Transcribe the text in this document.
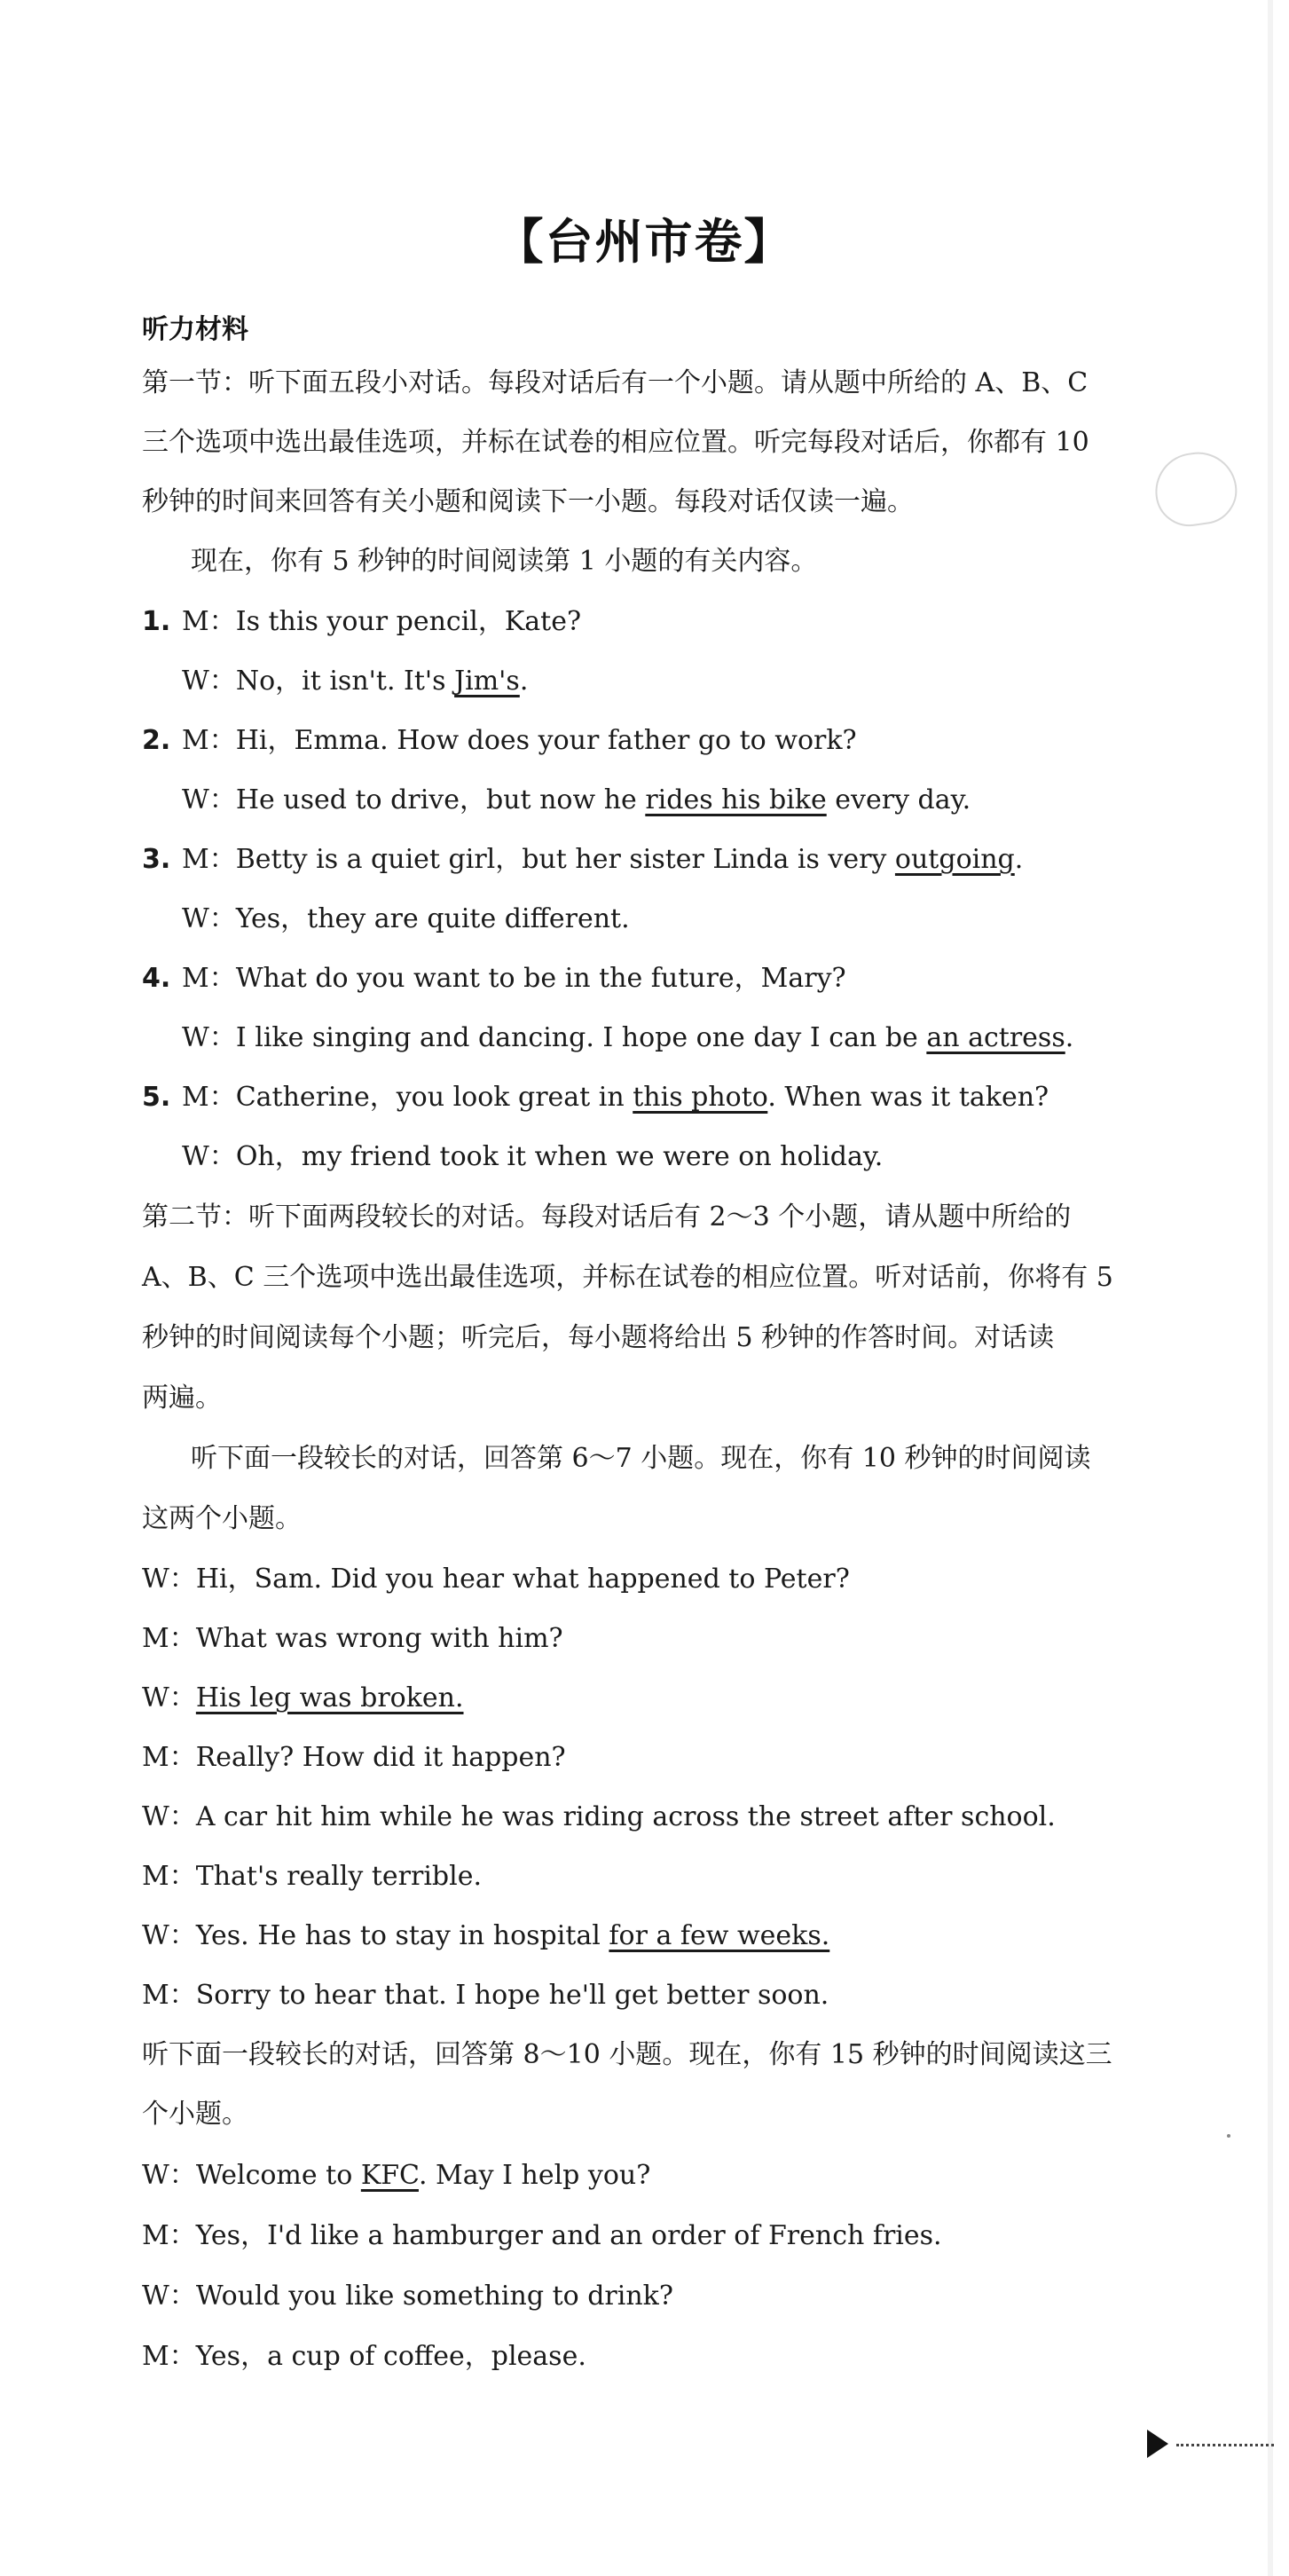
【台州市卷】
听力材料
第一节：听下面五段小对话。每段对话后有一个小题。请从题中所给的 A、B、C
三个选项中选出最佳选项，并标在试卷的相应位置。听完每段对话后，你都有 10
秒钟的时间来回答有关小题和阅读下一小题。每段对话仅读一遍。
现在，你有 5 秒钟的时间阅读第 1 小题的有关内容。
1. M：Is this your pencil，Kate?
W：No，it isn't. It's Jim's.
2. M：Hi，Emma. How does your father go to work?
W：He used to drive，but now he rides his bike every day.
3. M：Betty is a quiet girl，but her sister Linda is very outgoing.
W：Yes，they are quite different.
4. M：What do you want to be in the future，Mary?
W：I like singing and dancing. I hope one day I can be an actress.
5. M：Catherine，you look great in this photo. When was it taken?
W：Oh，my friend took it when we were on holiday.
第二节：听下面两段较长的对话。每段对话后有 2～3 个小题，请从题中所给的
A、B、C 三个选项中选出最佳选项，并标在试卷的相应位置。听对话前，你将有 5
秒钟的时间阅读每个小题；听完后，每小题将给出 5 秒钟的作答时间。对话读
两遍。
听下面一段较长的对话，回答第 6～7 小题。现在，你有 10 秒钟的时间阅读
这两个小题。
W：Hi，Sam. Did you hear what happened to Peter?
M：What was wrong with him?
W：His leg was broken.
M：Really? How did it happen?
W：A car hit him while he was riding across the street after school.
M：That's really terrible.
W：Yes. He has to stay in hospital for a few weeks.
M：Sorry to hear that. I hope he'll get better soon.
听下面一段较长的对话，回答第 8～10 小题。现在，你有 15 秒钟的时间阅读这三
个小题。
W：Welcome to KFC. May I help you?
M：Yes，I'd like a hamburger and an order of French fries.
W：Would you like something to drink?
M：Yes，a cup of coffee，please.
